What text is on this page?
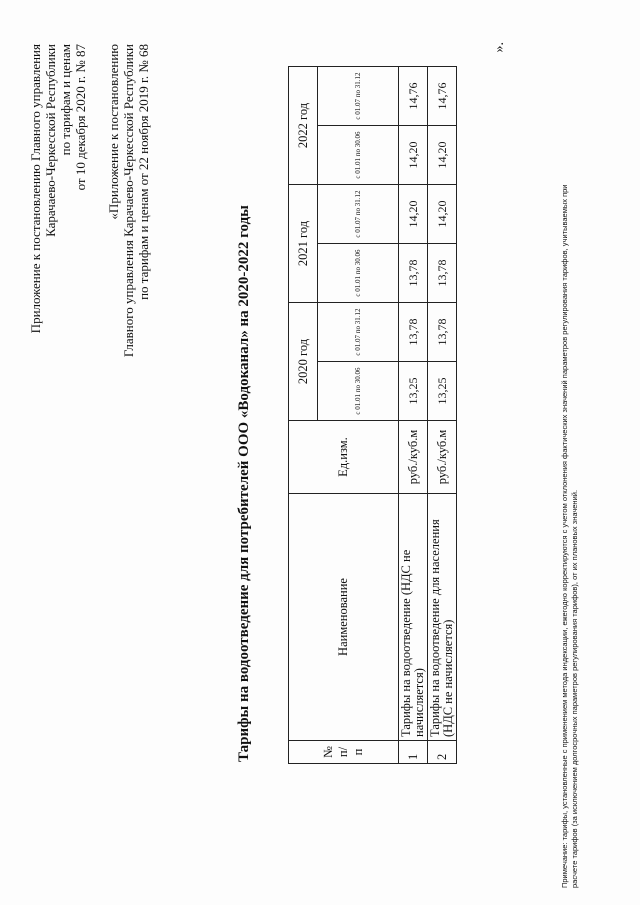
Приложение к постановлению Главного управления Карачаево-Черкесской Республики по тарифам и ценам от 10 декабря 2020 г. № 87 «Приложение к постановлению Главного управления Карачаево-Черкесской Республики по тарифам и ценам от 22 ноября 2019 г. № 68
Тарифы на водоотведение для потребителей ООО «Водоканал» на 2020-2022 годы	№ п/п	Наименование	Ед.изм.	2020 год		2021 год		2022 год	
			с 01.01 по 30.06	с 01.07 по 31.12	с 01.01 по 30.06	с 01.07 по 31.12	с 01.01 по 30.06	с 01.07 по 31.12
1	Тарифы на водоотведение (НДС не начисляется)	руб./куб.м	13,25	13,78	13,78	14,20	14,20	14,76
2	Тарифы на водоотведение для населения (НДС не начисляется)	руб./куб.м	13,25	13,78	13,78	14,20	14,20	14,76
».
Примечание: тарифы, установленные с применением метода индексации, ежегодно корректируются с учетом отклонения фактических значений параметров регулирования тарифов, учитываемых при расчете тарифов (за исключением долгосрочных параметров регулирования тарифов), от их плановых значений.
